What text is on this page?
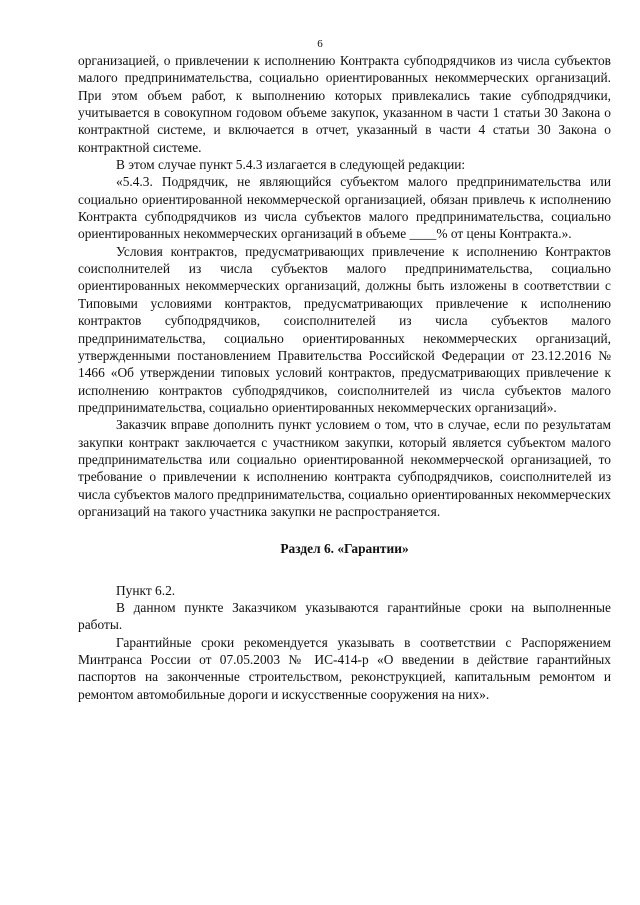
6

организацией, о привлечении к исполнению Контракта субподрядчиков из числа субъектов малого предпринимательства, социально ориентированных некоммерческих организаций. При этом объем работ, к выполнению которых привлекались такие субподрядчики, учитывается в совокупном годовом объеме закупок, указанном в части 1 статьи 30 Закона о контрактной системе, и включается в отчет, указанный в части 4 статьи 30 Закона о контрактной системе.

В этом случае пункт 5.4.3 излагается в следующей редакции:

«5.4.3. Подрядчик, не являющийся субъектом малого предпринимательства или социально ориентированной некоммерческой организацией, обязан привлечь к исполнению Контракта субподрядчиков из числа субъектов малого предпринимательства, социально ориентированных некоммерческих организаций в объеме ____% от цены Контракта.».

Условия контрактов, предусматривающих привлечение к исполнению Контрактов соисполнителей из числа субъектов малого предпринимательства, социально ориентированных некоммерческих организаций, должны быть изложены в соответствии с Типовыми условиями контрактов, предусматривающих привлечение к исполнению контрактов субподрядчиков, соисполнителей из числа субъектов малого предпринимательства, социально ориентированных некоммерческих организаций, утвержденными постановлением Правительства Российской Федерации от 23.12.2016 № 1466 «Об утверждении типовых условий контрактов, предусматривающих привлечение к исполнению контрактов субподрядчиков, соисполнителей из числа субъектов малого предпринимательства, социально ориентированных некоммерческих организаций».

Заказчик вправе дополнить пункт условием о том, что в случае, если по результатам закупки контракт заключается с участником закупки, который является субъектом малого предпринимательства или социально ориентированной некоммерческой организацией, то требование о привлечении к исполнению контракта субподрядчиков, соисполнителей из числа субъектов малого предпринимательства, социально ориентированных некоммерческих организаций на такого участника закупки не распространяется.

Раздел 6. «Гарантии»

Пункт 6.2.

В данном пункте Заказчиком указываются гарантийные сроки на выполненные работы.

Гарантийные сроки рекомендуется указывать в соответствии с Распоряжением Минтранса России от 07.05.2003 № ИС-414-р «О введении в действие гарантийных паспортов на законченные строительством, реконструкцией, капитальным ремонтом и ремонтом автомобильные дороги и искусственные сооружения на них».
